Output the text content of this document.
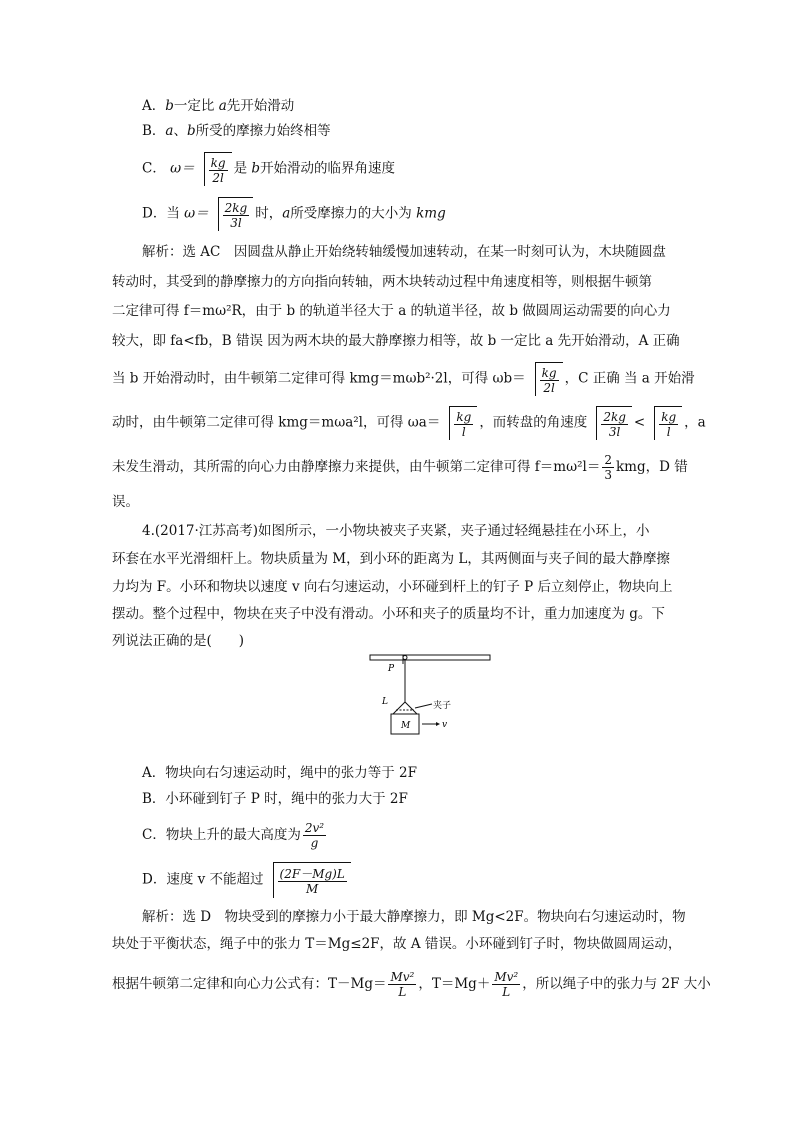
A．b一定比 a先开始滑动
B．a、b所受的摩擦力始终相等
C． $\omega= \frac{kg}{2l}$ 是 b开始滑动的临界角速度
D．当 $\omega= \frac{2kg}{3l}$ 时，a所受摩擦力的大小为 kmg
解析：选 AC　因圆盘从静止开始绕转轴缓慢加速转动，在某一时刻可认为，木块随圆盘
转动时，其受到的静摩擦力的方向指向转轴，两木块转动过程中角速度相等，则根据牛顿第
二定律可得 f＝mω²R，由于 b 的轨道半径大于 a 的轨道半径，故 b 做圆周运动需要的向心力
较大，即 fa<fb，B 错误 因为两木块的最大静摩擦力相等，故 b 一定比 a 先开始滑动，A 正确
当 b 开始滑动时，由牛顿第二定律可得 kmg＝mωb²·2l，可得 $\omega b= \frac{kg}{2l}$ ，C 正确 当 a 开始滑
动时，由牛顿第二定律可得 kmg＝mωa²l，可得 $\omega a= \frac{kg}{l}$ ，而转盘的角速度 $\frac{2kg}{3l} < \frac{kg}{l}$ ，a
未发生滑动，其所需的向心力由静摩擦力来提供，由牛顿第二定律可得 $f=m\omega^2l= \frac{2}{3}$ kmg，D 错
误。
4.(2017·江苏高考)如图所示，一小物块被夹子夹紧，夹子通过轻绳悬挂在小环上，小
环套在水平光滑细杆上。物块质量为 M，到小环的距离为 L，其两侧面与夹子间的最大静摩擦
力均为 F。小环和物块以速度 v 向右匀速运动，小环碰到杆上的钉子 P 后立刻停止，物块向上
摆动。整个过程中，物块在夹子中没有滑动。小环和夹子的质量均不计，重力加速度为 g。下
列说法正确的是(　　)
P
L	夹子
M	v
A．物块向右匀速运动时，绳中的张力等于 2F
B．小环碰到钉子 P 时，绳中的张力大于 2F
C．物块上升的最大高度为 $\frac{\text{2v²}}{g}$
D．速度 v 不能超过 $\frac{(2F-Mg)L}{M}$
解析：选 D　物块受到的摩擦力小于最大静摩擦力，即 Mg<2F。物块向右匀速运动时，物
块处于平衡状态，绳子中的张力 T＝Mg≤2F，故 A 错误。小环碰到钉子时，物块做圆周运动，
根据牛顿第二定律和向心力公式有：$T-Mg= \frac{\text{Mv²}}{L}$ ，$T=Mg+ \frac{\text{Mv²}}{L}$ ，所以绳子中的张力与 2F 大小
